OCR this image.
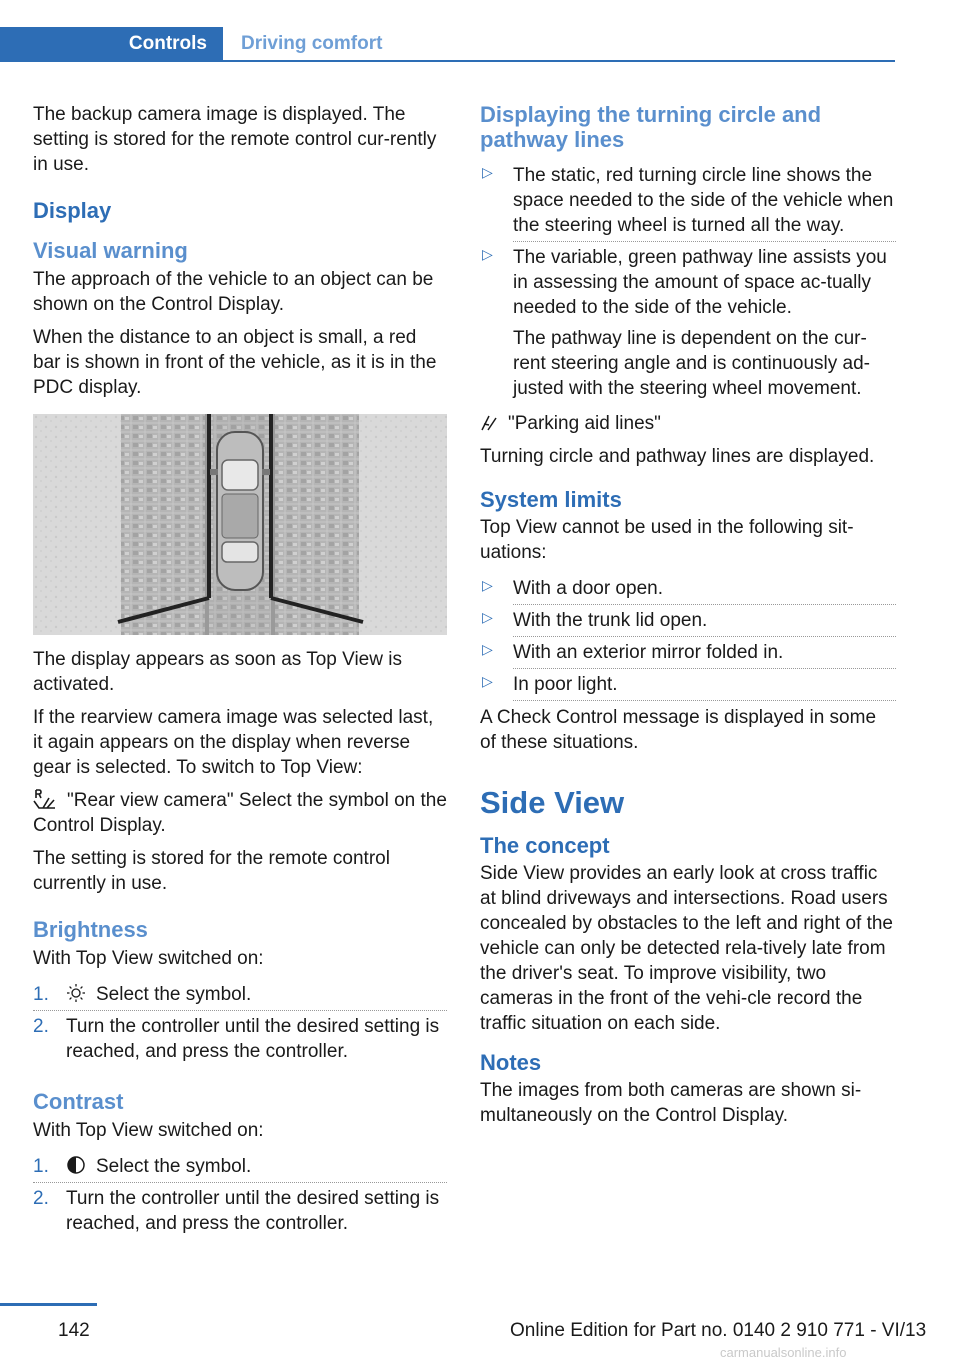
Controls	Driving comfort

The backup camera image is displayed. The setting is stored for the remote control cur-rently in use.

Display
Visual warning

The approach of the vehicle to an object can be shown on the Control Display.

When the distance to an object is small, a red bar is shown in front of the vehicle, as it is in the PDC display.

The display appears as soon as Top View is activated.

If the rearview camera image was selected last, it again appears on the display when reverse gear is selected. To switch to Top View:

"Rear view camera" Select the symbol on the Control Display.

The setting is stored for the remote control currently in use.

Brightness

With Top View switched on:

1. Select the symbol.
2. Turn the controller until the desired setting is reached, and press the controller.
Contrast

With Top View switched on:

1. Select the symbol.
2. Turn the controller until the desired setting is reached, and press the controller.
Displaying the turning circle and pathway lines
▷ The static, red turning circle line shows the space needed to the side of the vehicle when the steering wheel is turned all the way.
▷ The variable, green pathway line assists you in assessing the amount of space ac-tually needed to the side of the vehicle.
The pathway line is dependent on the cur-rent steering angle and is continuously ad-justed with the steering wheel movement.

"Parking aid lines"

Turning circle and pathway lines are displayed.

System limits

Top View cannot be used in the following sit-uations:

▷ With a door open.
▷ With the trunk lid open.
▷ With an exterior mirror folded in.
▷ In poor light.

A Check Control message is displayed in some of these situations.

Side View
The concept

Side View provides an early look at cross traffic at blind driveways and intersections. Road users concealed by obstacles to the left and right of the vehicle can only be detected rela-tively late from the driver's seat. To improve visibility, two cameras in the front of the vehi-cle record the traffic situation on each side.

Notes

The images from both cameras are shown si-multaneously on the Control Display.

142	Online Edition for Part no. 0140 2 910 771 - VI/13
carmanualsonline.info
